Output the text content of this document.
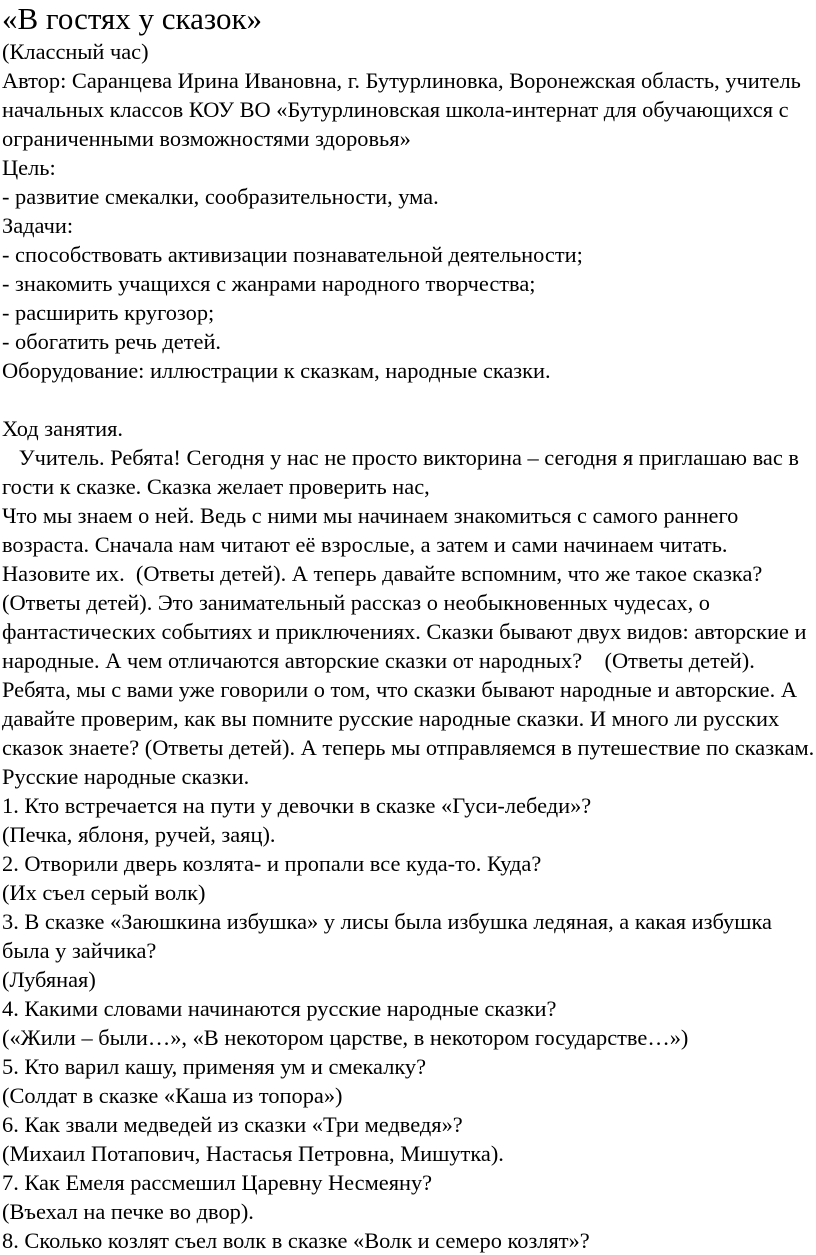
«В гостях у сказок»

(Классный час)

Автор: Саранцева Ирина Ивановна, г. Бутурлиновка, Воронежская область, учитель начальных классов КОУ ВО «Бутурлиновская школа-интернат для обучающихся с ограниченными возможностями здоровья»

Цель:

- развитие смекалки, сообразительности, ума.

Задачи:

- способствовать активизации познавательной деятельности;

- знакомить учащихся с жанрами народного творчества;

- расширить кругозор;

- обогатить речь детей.

Оборудование: иллюстрации к сказкам, народные сказки.

Ход занятия.

Учитель. Ребята! Сегодня у нас не просто викторина – сегодня я приглашаю вас в гости к сказке. Сказка желает проверить нас,

Что мы знаем о ней. Ведь с ними мы начинаем знакомиться с самого раннего возраста. Сначала нам читают её взрослые, а затем и сами начинаем читать. Назовите их.  (Ответы детей). А теперь давайте вспомним, что же такое сказка?   (Ответы детей). Это занимательный рассказ о необыкновенных чудесах, о фантастических событиях и приключениях. Сказки бывают двух видов: авторские и народные. А чем отличаются авторские сказки от народных?    (Ответы детей). Ребята, мы с вами уже говорили о том, что сказки бывают народные и авторские. А давайте проверим, как вы помните русские народные сказки. И много ли русских сказок знаете? (Ответы детей). А теперь мы отправляемся в путешествие по сказкам.

Русские народные сказки.

1. Кто встречается на пути у девочки в сказке «Гуси-лебеди»?

(Печка, яблоня, ручей, заяц).

2. Отворили дверь козлята- и пропали все куда-то. Куда?

(Их съел серый волк)

3. В сказке «Заюшкина избушка» у лисы была избушка ледяная, а какая избушка была у зайчика?

(Лубяная)

4. Какими словами начинаются русские народные сказки?

(«Жили – были…», «В некотором царстве, в некотором государстве…»)

5. Кто варил кашу, применяя ум и смекалку?

(Солдат в сказке «Каша из топора»)

6. Как звали медведей из сказки «Три медведя»?

(Михаил Потапович, Настасья Петровна, Мишутка).

7. Как Емеля рассмешил Царевну Несмеяну?

(Въехал на печке во двор).

8. Сколько козлят съел волк в сказке «Волк и семеро козлят»?
